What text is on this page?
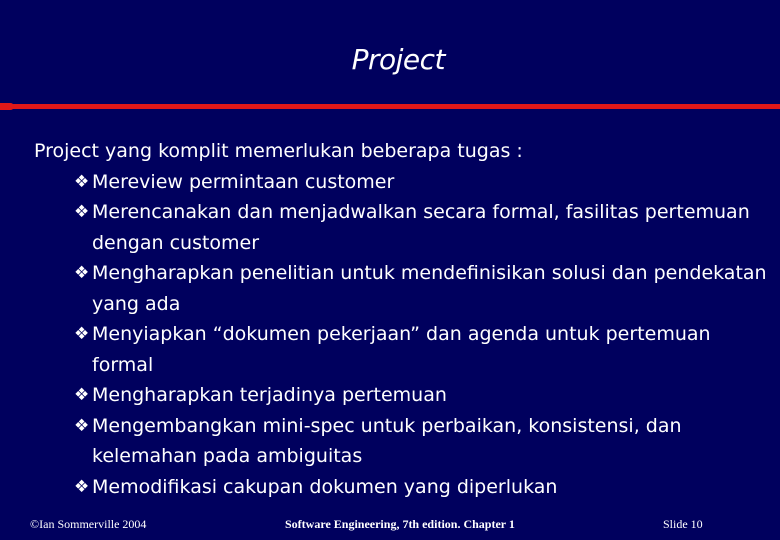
Project

Project yang komplit memerlukan beberapa tugas :

❖ Mereview permintaan customer
❖ Merencanakan dan menjadwalkan secara formal, fasilitas pertemuan dengan customer
❖ Mengharapkan penelitian untuk mendefinisikan solusi dan pendekatan yang ada
❖ Menyiapkan “dokumen pekerjaan” dan agenda untuk pertemuan formal
❖ Mengharapkan terjadinya pertemuan
❖ Mengembangkan mini-spec untuk perbaikan, konsistensi, dan kelemahan pada ambiguitas
❖ Memodifikasi cakupan dokumen yang diperlukan
©Ian Sommerville 2004	Software Engineering, 7th edition. Chapter 1	Slide 10
